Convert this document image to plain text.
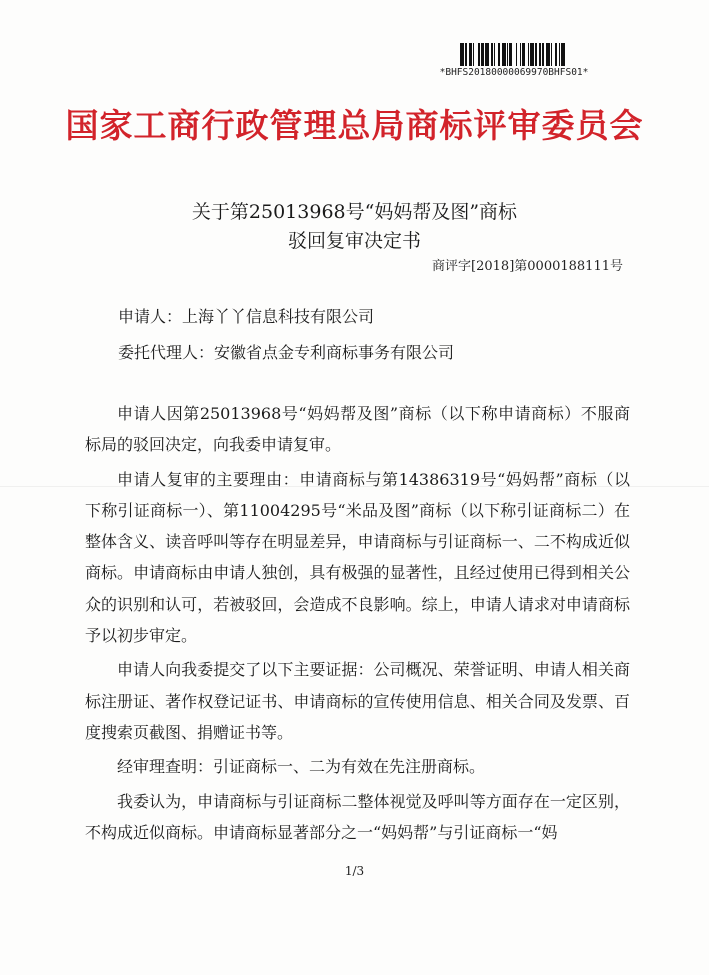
*BHFS20180000069970BHFS01*
国家工商行政管理总局商标评审委员会
关于第25013968号“妈妈帮及图”商标
驳回复审决定书
商评字[2018]第0000188111号
申请人：上海丫丫信息科技有限公司
委托代理人：安徽省点金专利商标事务有限公司

申请人因第25013968号“妈妈帮及图”商标（以下称申请商标）不服商标局的驳回决定，向我委申请复审。

申请人复审的主要理由：申请商标与第14386319号“妈妈帮”商标（以下称引证商标一）、第11004295号“米品及图”商标（以下称引证商标二）在整体含义、读音呼叫等存在明显差异，申请商标与引证商标一、二不构成近似商标。申请商标由申请人独创，具有极强的显著性，且经过使用已得到相关公众的识别和认可，若被驳回，会造成不良影响。综上，申请人请求对申请商标予以初步审定。

申请人向我委提交了以下主要证据：公司概况、荣誉证明、申请人相关商标注册证、著作权登记证书、申请商标的宣传使用信息、相关合同及发票、百度搜索页截图、捐赠证书等。

经审理查明：引证商标一、二为有效在先注册商标。

我委认为，申请商标与引证商标二整体视觉及呼叫等方面存在一定区别，不构成近似商标。申请商标显著部分之一“妈妈帮”与引证商标一“妈

1/3
